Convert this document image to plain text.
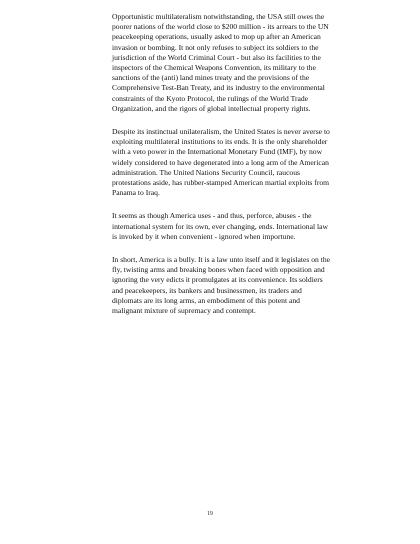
Opportunistic multilateralism notwithstanding, the USA still owes the poorer nations of the world close to $200 million - its arrears to the UN peacekeeping operations, usually asked to mop up after an American invasion or bombing. It not only refuses to subject its soldiers to the jurisdiction of the World Criminal Court - but also its facilities to the inspectors of the Chemical Weapons Convention, its military to the sanctions of the (anti) land mines treaty and the provisions of the Comprehensive Test-Ban Treaty, and its industry to the environmental constraints of the Kyoto Protocol, the rulings of the World Trade Organization, and the rigors of global intellectual property rights.

Despite its instinctual unilateralism, the United States is never averse to exploiting multilateral institutions to its ends. It is the only shareholder with a veto power in the International Monetary Fund (IMF), by now widely considered to have degenerated into a long arm of the American administration. The United Nations Security Council, raucous protestations aside, has rubber-stamped American martial exploits from Panama to Iraq.

It seems as though America uses - and thus, perforce, abuses - the international system for its own, ever changing, ends. International law is invoked by it when convenient - ignored when importune.

In short, America is a bully. It is a law unto itself and it legislates on the fly, twisting arms and breaking bones when faced with opposition and ignoring the very edicts it promulgates at its convenience. Its soldiers and peacekeepers, its bankers and businessmen, its traders and diplomats are its long arms, an embodiment of this potent and malignant mixture of supremacy and contempt.

19
